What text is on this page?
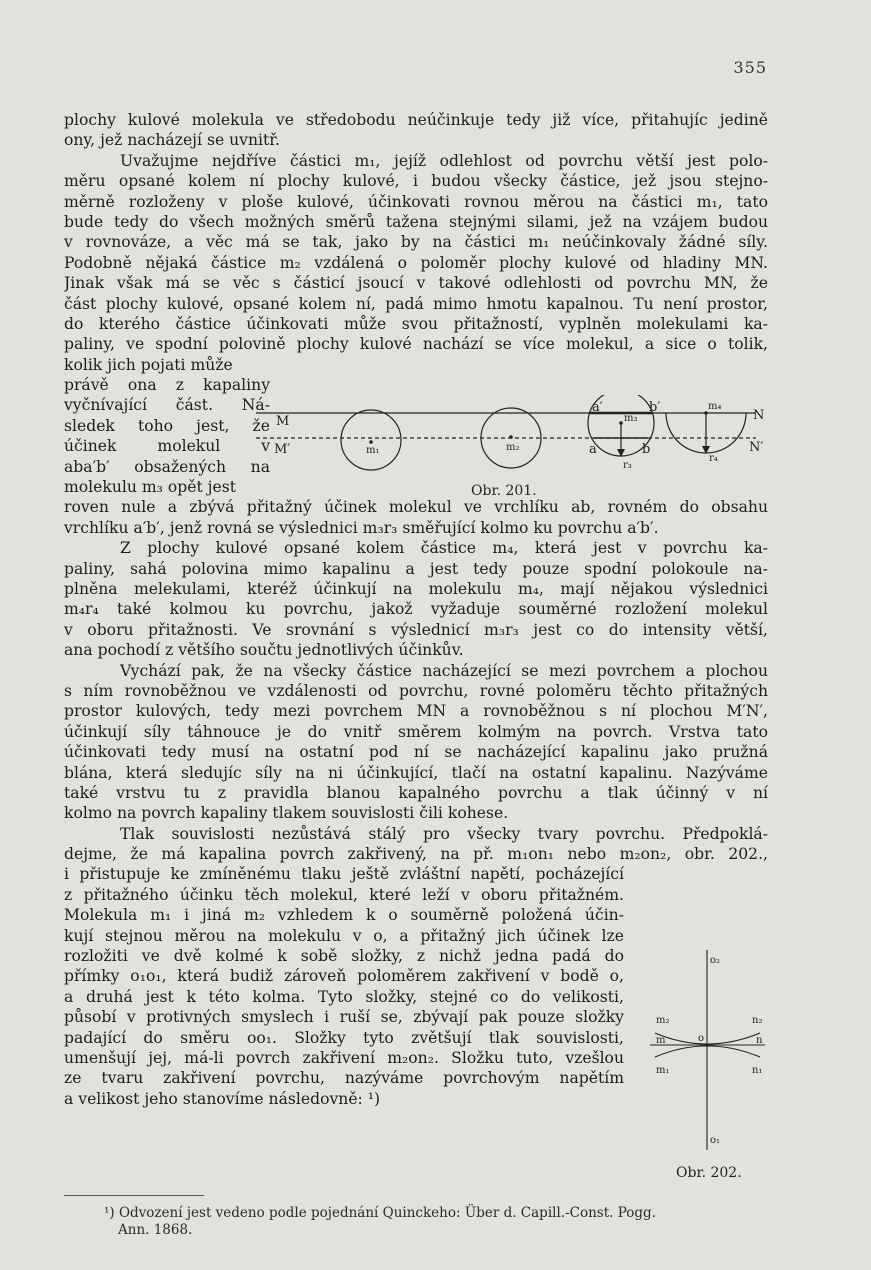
355
plochy kulové molekula ve středobodu neúčinkuje tedy již více, přitahujíc jedině
ony, jež nacházejí se uvnitř.
Uvažujme nejdříve částici m₁, jejíž odlehlost od povrchu větší jest polo-
měru opsané kolem ní plochy kulové, i budou všecky částice, jež jsou stejno-
měrně rozloženy v ploše kulové, účinkovati rovnou měrou na částici m₁, tato
bude tedy do všech možných směrů tažena stejnými silami, jež na vzájem budou
v rovnováze, a věc má se tak, jako by na částici m₁ neúčinkovaly žádné síly.
Podobně nějaká částice m₂ vzdálená o poloměr plochy kulové od hladiny MN.
Jinak však má se věc s částicí jsoucí v takové odlehlosti od povrchu MN, že
část plochy kulové, opsané kolem ní, padá mimo hmotu kapalnou. Tu není prostor,
do kterého částice účinkovati může svou přitažností, vyplněn molekulami ka-
paliny, ve spodní polovině plochy kulové nachází se více molekul, a sice o tolik,
kolik jich pojati může
právě ona z kapaliny
vyčnívající část. Ná-
sledek toho jest, že
účinek molekul v
aba′b′ obsažených na
molekulu m₃ opět jest
roven nule a zbývá přitažný účinek molekul ve vrchlíku ab, rovném do obsahu
vrchlíku a′b′, jenž rovná se výslednici m₃r₃ směřující kolmo ku povrchu a′b′.
Z plochy kulové opsané kolem částice m₄, která jest v povrchu ka-
paliny, sahá polovina mimo kapalinu a jest tedy pouze spodní polokoule na-
plněna melekulami, kteréž účinkují na molekulu m₄, mají nějakou výslednici
m₄r₄ také kolmou ku povrchu, jakož vyžaduje souměrné rozložení molekul
v oboru přitažnosti. Ve srovnání s výslednicí m₃r₃ jest co do intensity větší,
ana pochodí z většího součtu jednotlivých účinkův.
Vychází pak, že na všecky částice nacházející se mezi povrchem a plochou
s ním rovnoběžnou ve vzdálenosti od povrchu, rovné poloměru těchto přitažných
prostor kulových, tedy mezi povrchem MN a rovnoběžnou s ní plochou M′N′,
účinkují síly táhnouce je do vnitř směrem kolmým na povrch. Vrstva tato
účinkovati tedy musí na ostatní pod ní se nacházející kapalinu jako pružná
blána, která sledujíc síly na ni účinkující, tlačí na ostatní kapalinu. Nazýváme
také vrstvu tu z pravidla blanou kapalného povrchu a tlak účinný v ní
kolmo na povrch kapaliny tlakem souvislosti čili kohese.
Tlak souvislosti nezůstává stálý pro všecky tvary povrchu. Předpoklá-
dejme, že má kapalina povrch zakřivený, na př. m₁on₁ nebo m₂on₂, obr. 202.,
i přistupuje ke zmíněnému tlaku ještě zvláštní napětí, pocházející
z přitažného účinku těch molekul, které leží v oboru přitažném.
Molekula m₁ i jiná m₂ vzhledem k o souměrně položená účin-
kují stejnou měrou na molekulu v o, a přitažný jich účinek lze
rozložiti ve dvě kolmé k sobě složky, z nichž jedna padá do
přímky o₁o₁, která budiž zároveň poloměrem zakřivení v bodě o,
a druhá jest k této kolma. Tyto složky, stejné co do velikosti,
působí v protivných smyslech i ruší se, zbývají pak pouze složky
padající do směru oo₁. Složky tyto zvětšují tlak souvislosti,
umenšují jej, má-li povrch zakřivení m₂on₂. Složku tuto, vzešlou
ze tvaru zakřivení povrchu, nazýváme povrchovým napětím
a velikost jeho stanovíme následovně: ¹)
M
M′
N
N′
m₁	m₂
m₃
m₄
a′	b′
a	b
r₃
r₄
Obr. 201.
o₂
o₁
o
m₂	n₂
m	n
m₁	n₁
Obr. 202.
¹) Odvození jest vedeno podle pojednání Quinckeho: Über d. Capill.-Const. Pogg.
Ann. 1868.
